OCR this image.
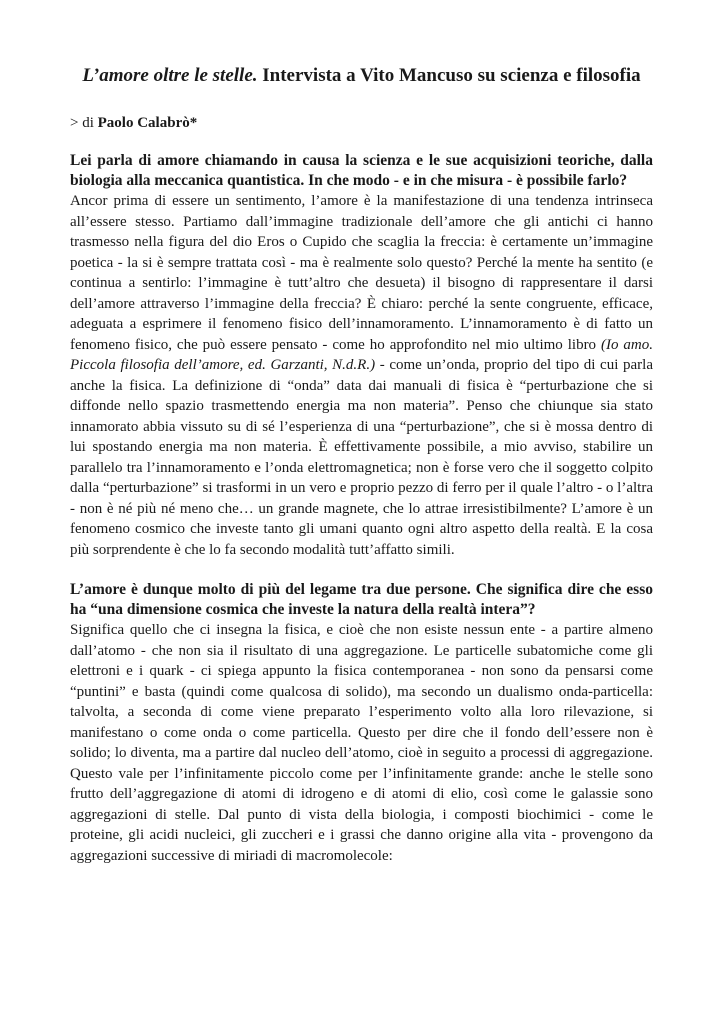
L’amore oltre le stelle. Intervista a Vito Mancuso su scienza e filosofia

> di Paolo Calabrò*

Lei parla di amore chiamando in causa la scienza e le sue acquisizioni teoriche, dalla biologia alla meccanica quantistica. In che modo - e in che misura - è possibile farlo?

Ancor prima di essere un sentimento, l’amore è la manifestazione di una tendenza intrinseca all’essere stesso. Partiamo dall’immagine tradizionale dell’amore che gli antichi ci hanno trasmesso nella figura del dio Eros o Cupido che scaglia la freccia: è certamente un’immagine poetica - la si è sempre trattata così - ma è realmente solo questo? Perché la mente ha sentito (e continua a sentirlo: l’immagine è tutt’altro che desueta) il bisogno di rappresentare il darsi dell’amore attraverso l’immagine della freccia? È chiaro: perché la sente congruente, efficace, adeguata a esprimere il fenomeno fisico dell’innamoramento. L’innamoramento è di fatto un fenomeno fisico, che può essere pensato - come ho approfondito nel mio ultimo libro (Io amo. Piccola filosofia dell’amore, ed. Garzanti, N.d.R.) - come un’onda, proprio del tipo di cui parla anche la fisica. La definizione di “onda” data dai manuali di fisica è “perturbazione che si diffonde nello spazio trasmettendo energia ma non materia”. Penso che chiunque sia stato innamorato abbia vissuto su di sé l’esperienza di una “perturbazione”, che si è mossa dentro di lui spostando energia ma non materia. È effettivamente possibile, a mio avviso, stabilire un parallelo tra l’innamoramento e l’onda elettromagnetica; non è forse vero che il soggetto colpito dalla “perturbazione” si trasformi in un vero e proprio pezzo di ferro per il quale l’altro - o l’altra - non è né più né meno che… un grande magnete, che lo attrae irresistibilmente? L’amore è un fenomeno cosmico che investe tanto gli umani quanto ogni altro aspetto della realtà. E la cosa più sorprendente è che lo fa secondo modalità tutt’affatto simili.

L’amore è dunque molto di più del legame tra due persone. Che significa dire che esso ha “una dimensione cosmica che investe la natura della realtà intera”?

Significa quello che ci insegna la fisica, e cioè che non esiste nessun ente - a partire almeno dall’atomo - che non sia il risultato di una aggregazione. Le particelle subatomiche come gli elettroni e i quark - ci spiega appunto la fisica contemporanea - non sono da pensarsi come “puntini” e basta (quindi come qualcosa di solido), ma secondo un dualismo onda-particella: talvolta, a seconda di come viene preparato l’esperimento volto alla loro rilevazione, si manifestano o come onda o come particella. Questo per dire che il fondo dell’essere non è solido; lo diventa, ma a partire dal nucleo dell’atomo, cioè in seguito a processi di aggregazione. Questo vale per l’infinitamente piccolo come per l’infinitamente grande: anche le stelle sono frutto dell’aggregazione di atomi di idrogeno e di atomi di elio, così come le galassie sono aggregazioni di stelle. Dal punto di vista della biologia, i composti biochimici - come le proteine, gli acidi nucleici, gli zuccheri e i grassi che danno origine alla vita - provengono da aggregazioni successive di miriadi di macromolecole:
